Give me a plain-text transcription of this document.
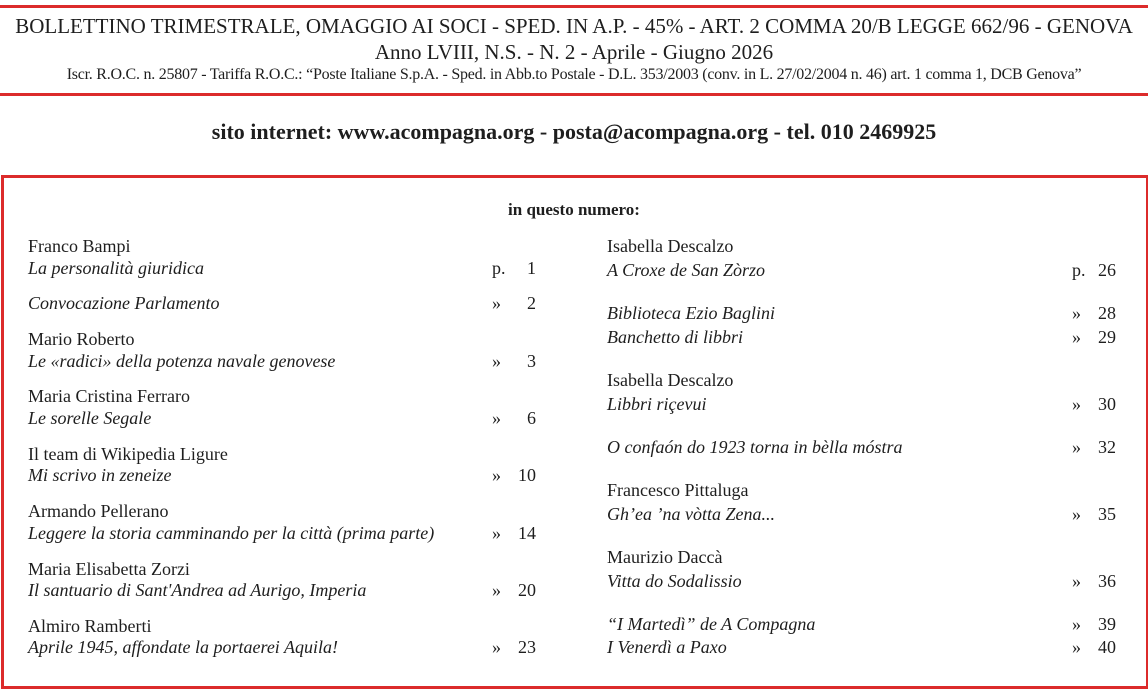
BOLLETTINO TRIMESTRALE, OMAGGIO AI SOCI - SPED. IN A.P. - 45% - ART. 2 COMMA 20/B LEGGE 662/96 - GENOVA
Anno LVIII, N.S. - N. 2 - Aprile - Giugno 2026
Iscr. R.O.C. n. 25807 - Tariffa R.O.C.: “Poste Italiane S.p.A. - Sped. in Abb.to Postale - D.L. 353/2003 (conv. in L. 27/02/2004 n. 46) art. 1 comma 1, DCB Genova”
sito internet: www.acompagna.org - posta@acompagna.org - tel. 010 2469925
in questo numero:
Franco Bampi
La personalità giuridica	p. 1
Convocazione Parlamento	» 2
Mario Roberto
Le «radici» della potenza navale genovese	» 3
Maria Cristina Ferraro
Le sorelle Segale	» 6
Il team di Wikipedia Ligure
Mi scrivo in zeneize	» 10
Armando Pellerano
Leggere la storia camminando per la città (prima parte)	» 14
Maria Elisabetta Zorzi
Il santuario di Sant'Andrea ad Aurigo, Imperia	» 20
Almiro Ramberti
Aprile 1945, affondate la portaerei Aquila!	» 23
Isabella Descalzo
A Croxe de San Zòrzo	p. 26
Biblioteca Ezio Baglini	» 28
Banchetto di libbri	» 29
Isabella Descalzo
Libbri riçevui	» 30
O confaón do 1923 torna in bèlla móstra	» 32
Francesco Pittaluga
Gh’ea ’na vòtta Zena...	» 35
Maurizio Daccà
Vitta do Sodalissio	» 36
“I Martedì” de A Compagna	» 39
I Venerdì a Paxo	» 40
